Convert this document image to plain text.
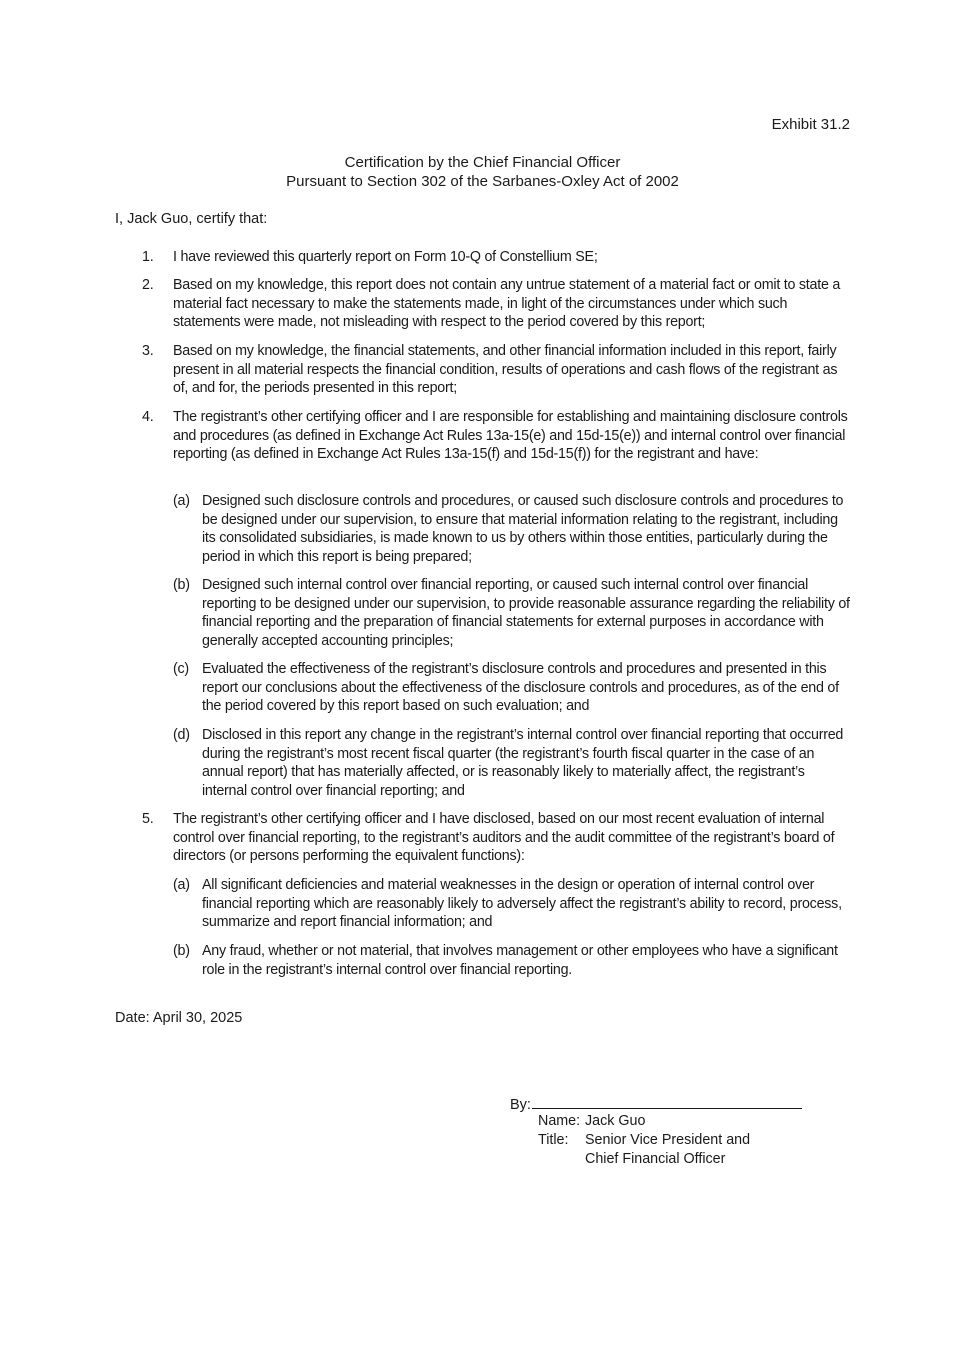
Exhibit 31.2
Certification by the Chief Financial Officer
Pursuant to Section 302 of the Sarbanes-Oxley Act of 2002
I, Jack Guo, certify that:
1. I have reviewed this quarterly report on Form 10-Q of Constellium SE;
2. Based on my knowledge, this report does not contain any untrue statement of a material fact or omit to state a material fact necessary to make the statements made, in light of the circumstances under which such statements were made, not misleading with respect to the period covered by this report;
3. Based on my knowledge, the financial statements, and other financial information included in this report, fairly present in all material respects the financial condition, results of operations and cash flows of the registrant as of, and for, the periods presented in this report;
4. The registrant’s other certifying officer and I are responsible for establishing and maintaining disclosure controls and procedures (as defined in Exchange Act Rules 13a-15(e) and 15d-15(e)) and internal control over financial reporting (as defined in Exchange Act Rules 13a-15(f) and 15d-15(f)) for the registrant and have:
(a) Designed such disclosure controls and procedures, or caused such disclosure controls and procedures to be designed under our supervision, to ensure that material information relating to the registrant, including its consolidated subsidiaries, is made known to us by others within those entities, particularly during the period in which this report is being prepared;
(b) Designed such internal control over financial reporting, or caused such internal control over financial reporting to be designed under our supervision, to provide reasonable assurance regarding the reliability of financial reporting and the preparation of financial statements for external purposes in accordance with generally accepted accounting principles;
(c) Evaluated the effectiveness of the registrant’s disclosure controls and procedures and presented in this report our conclusions about the effectiveness of the disclosure controls and procedures, as of the end of the period covered by this report based on such evaluation; and
(d) Disclosed in this report any change in the registrant’s internal control over financial reporting that occurred during the registrant’s most recent fiscal quarter (the registrant’s fourth fiscal quarter in the case of an annual report) that has materially affected, or is reasonably likely to materially affect, the registrant’s internal control over financial reporting; and
5. The registrant’s other certifying officer and I have disclosed, based on our most recent evaluation of internal control over financial reporting, to the registrant’s auditors and the audit committee of the registrant’s board of directors (or persons performing the equivalent functions):
(a) All significant deficiencies and material weaknesses in the design or operation of internal control over financial reporting which are reasonably likely to adversely affect the registrant’s ability to record, process, summarize and report financial information; and
(b) Any fraud, whether or not material, that involves management or other employees who have a significant role in the registrant’s internal control over financial reporting.
Date: April 30, 2025
By:
Name: Jack Guo
Title: Senior Vice President and
Chief Financial Officer
